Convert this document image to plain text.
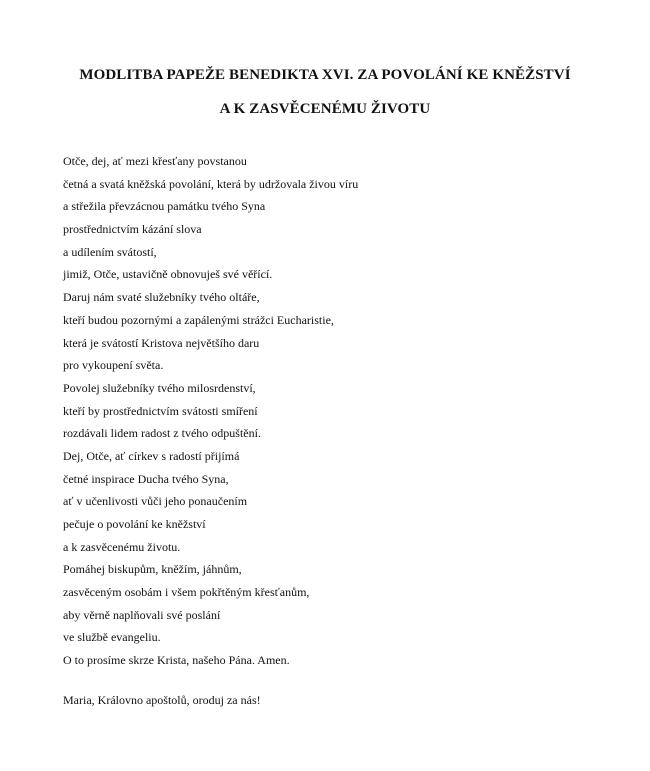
MODLITBA PAPEŽE BENEDIKTA XVI. ZA POVOLÁNÍ KE KNĚŽSTVÍ
A K ZASVĚCENÉMU ŽIVOTU
Otče, dej, ať mezi křesťany povstanou
četná a svatá kněžská povolání, která by udržovala živou víru
a střežila převzácnou památku tvého Syna
prostřednictvím kázání slova
a udílením svátostí,
jimiž, Otče, ustavičně obnovuješ své věřící.
Daruj nám svaté služebníky tvého oltáře,
kteří budou pozornými a zapálenými strážci Eucharistie,
která je svátostí Kristova největšího daru
pro vykoupení světa.
Povolej služebníky tvého milosrdenství,
kteří by prostřednictvím svátosti smíření
rozdávali lidem radost z tvého odpuštění.
Dej, Otče, ať církev s radostí přijímá
četné inspirace Ducha tvého Syna,
ať v učenlivosti vůči jeho ponaučením
pečuje o povolání ke kněžství
a k zasvěcenému životu.
Pomáhej biskupům, kněžím, jáhnům,
zasvěceným osobám i všem pokřtěným křesťanům,
aby věrně naplňovali své poslání
ve službě evangeliu.
O to prosíme skrze Krista, našeho Pána. Amen.

Maria, Královno apoštolů, oroduj za nás!
